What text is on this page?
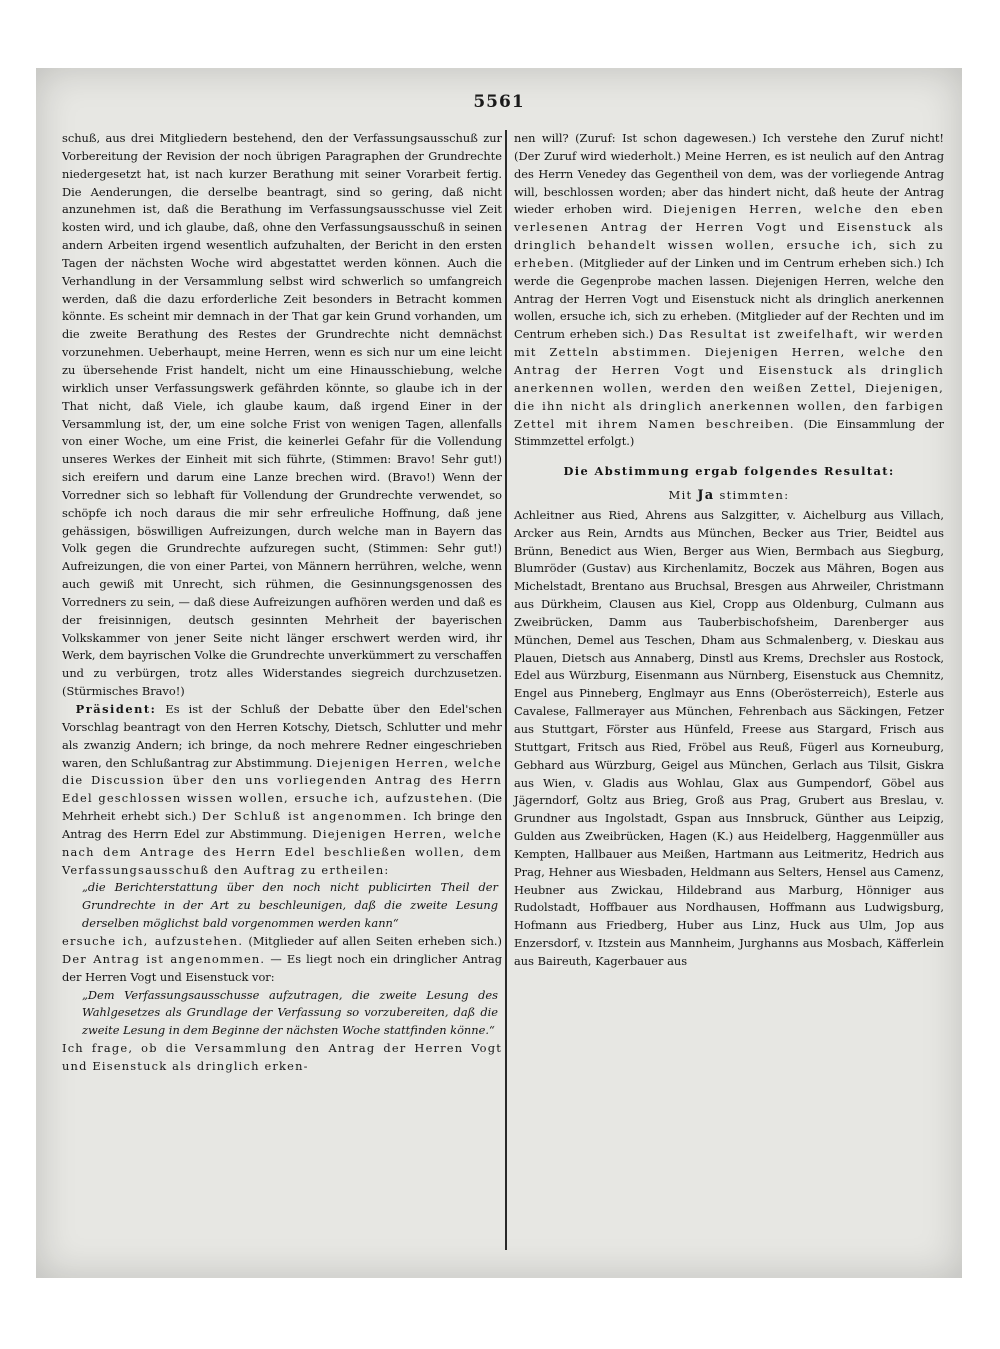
5561

schuß, aus drei Mitgliedern bestehend, den der Verfassungsausschuß zur Vorbereitung der Revision der noch übrigen Paragraphen der Grundrechte niedergesetzt hat, ist nach kurzer Berathung mit seiner Vorarbeit fertig. Die Aenderungen, die derselbe beantragt, sind so gering, daß nicht anzunehmen ist, daß die Berathung im Verfassungsausschusse viel Zeit kosten wird, und ich glaube, daß, ohne den Verfassungsausschuß in seinen andern Arbeiten irgend wesentlich aufzuhalten, der Bericht in den ersten Tagen der nächsten Woche wird abgestattet werden können. Auch die Verhandlung in der Versammlung selbst wird schwerlich so umfangreich werden, daß die dazu erforderliche Zeit besonders in Betracht kommen könnte. Es scheint mir demnach in der That gar kein Grund vorhanden, um die zweite Berathung des Restes der Grundrechte nicht demnächst vorzunehmen. Ueberhaupt, meine Herren, wenn es sich nur um eine leicht zu übersehende Frist handelt, nicht um eine Hinausschiebung, welche wirklich unser Verfassungswerk gefährden könnte, so glaube ich in der That nicht, daß Viele, ich glaube kaum, daß irgend Einer in der Versammlung ist, der, um eine solche Frist von wenigen Tagen, allenfalls von einer Woche, um eine Frist, die keinerlei Gefahr für die Vollendung unseres Werkes der Einheit mit sich führte, (Stimmen: Bravo! Sehr gut!) sich ereifern und darum eine Lanze brechen wird. (Bravo!) Wenn der Vorredner sich so lebhaft für Vollendung der Grundrechte verwendet, so schöpfe ich noch daraus die mir sehr erfreuliche Hoffnung, daß jene gehässigen, böswilligen Aufreizungen, durch welche man in Bayern das Volk gegen die Grundrechte aufzuregen sucht, (Stimmen: Sehr gut!) Aufreizungen, die von einer Partei, von Männern herrühren, welche, wenn auch gewiß mit Unrecht, sich rühmen, die Gesinnungsgenossen des Vorredners zu sein, — daß diese Aufreizungen aufhören werden und daß es der freisinnigen, deutsch gesinnten Mehrheit der bayerischen Volkskammer von jener Seite nicht länger erschwert werden wird, ihr Werk, dem bayrischen Volke die Grundrechte unverkümmert zu verschaffen und zu verbürgen, trotz alles Widerstandes siegreich durchzusetzen. (Stürmisches Bravo!)

Präsident: Es ist der Schluß der Debatte über den Edel'schen Vorschlag beantragt von den Herren Kotschy, Dietsch, Schlutter und mehr als zwanzig Andern; ich bringe, da noch mehrere Redner eingeschrieben waren, den Schlußantrag zur Abstimmung. Diejenigen Herren, welche die Discussion über den uns vorliegenden Antrag des Herrn Edel geschlossen wissen wollen, ersuche ich, aufzustehen. (Die Mehrheit erhebt sich.) Der Schluß ist angenommen. Ich bringe den Antrag des Herrn Edel zur Abstimmung. Diejenigen Herren, welche nach dem Antrage des Herrn Edel beschließen wollen, dem Verfassungsausschuß den Auftrag zu ertheilen:

„die Berichterstattung über den noch nicht publicirten Theil der Grundrechte in der Art zu beschleunigen, daß die zweite Lesung derselben möglichst bald vorgenommen werden kann“

ersuche ich, aufzustehen. (Mitglieder auf allen Seiten erheben sich.) Der Antrag ist angenommen. — Es liegt noch ein dringlicher Antrag der Herren Vogt und Eisenstuck vor:

„Dem Verfassungsausschusse aufzutragen, die zweite Lesung des Wahlgesetzes als Grundlage der Verfassung so vorzubereiten, daß die zweite Lesung in dem Beginne der nächsten Woche stattfinden könne.“

Ich frage, ob die Versammlung den Antrag der Herren Vogt und Eisenstuck als dringlich erken-

nen will? (Zuruf: Ist schon dagewesen.) Ich verstehe den Zuruf nicht! (Der Zuruf wird wiederholt.) Meine Herren, es ist neulich auf den Antrag des Herrn Venedey das Gegentheil von dem, was der vorliegende Antrag will, beschlossen worden; aber das hindert nicht, daß heute der Antrag wieder erhoben wird. Diejenigen Herren, welche den eben verlesenen Antrag der Herren Vogt und Eisenstuck als dringlich behandelt wissen wollen, ersuche ich, sich zu erheben. (Mitglieder auf der Linken und im Centrum erheben sich.) Ich werde die Gegenprobe machen lassen. Diejenigen Herren, welche den Antrag der Herren Vogt und Eisenstuck nicht als dringlich anerkennen wollen, ersuche ich, sich zu erheben. (Mitglieder auf der Rechten und im Centrum erheben sich.) Das Resultat ist zweifelhaft, wir werden mit Zetteln abstimmen. Diejenigen Herren, welche den Antrag der Herren Vogt und Eisenstuck als dringlich anerkennen wollen, werden den weißen Zettel, Diejenigen, die ihn nicht als dringlich anerkennen wollen, den farbigen Zettel mit ihrem Namen beschreiben. (Die Einsammlung der Stimmzettel erfolgt.)

Die Abstimmung ergab folgendes Resultat:

Mit Ja stimmten:

Achleitner aus Ried, Ahrens aus Salzgitter, v. Aichelburg aus Villach, Arcker aus Rein, Arndts aus München, Becker aus Trier, Beidtel aus Brünn, Benedict aus Wien, Berger aus Wien, Bermbach aus Siegburg, Blumröder (Gustav) aus Kirchenlamitz, Boczek aus Mähren, Bogen aus Michelstadt, Brentano aus Bruchsal, Bresgen aus Ahrweiler, Christmann aus Dürkheim, Clausen aus Kiel, Cropp aus Oldenburg, Culmann aus Zweibrücken, Damm aus Tauberbischofsheim, Darenberger aus München, Demel aus Teschen, Dham aus Schmalenberg, v. Dieskau aus Plauen, Dietsch aus Annaberg, Dinstl aus Krems, Drechsler aus Rostock, Edel aus Würzburg, Eisenmann aus Nürnberg, Eisenstuck aus Chemnitz, Engel aus Pinneberg, Englmayr aus Enns (Oberösterreich), Esterle aus Cavalese, Fallmerayer aus München, Fehrenbach aus Säckingen, Fetzer aus Stuttgart, Förster aus Hünfeld, Freese aus Stargard, Frisch aus Stuttgart, Fritsch aus Ried, Fröbel aus Reuß, Fügerl aus Korneuburg, Gebhard aus Würzburg, Geigel aus München, Gerlach aus Tilsit, Giskra aus Wien, v. Gladis aus Wohlau, Glax aus Gumpendorf, Göbel aus Jägerndorf, Goltz aus Brieg, Groß aus Prag, Grubert aus Breslau, v. Grundner aus Ingolstadt, Gspan aus Innsbruck, Günther aus Leipzig, Gulden aus Zweibrücken, Hagen (K.) aus Heidelberg, Haggenmüller aus Kempten, Hallbauer aus Meißen, Hartmann aus Leitmeritz, Hedrich aus Prag, Hehner aus Wiesbaden, Heldmann aus Selters, Hensel aus Camenz, Heubner aus Zwickau, Hildebrand aus Marburg, Hönniger aus Rudolstadt, Hoffbauer aus Nordhausen, Hoffmann aus Ludwigsburg, Hofmann aus Friedberg, Huber aus Linz, Huck aus Ulm, Jop aus Enzersdorf, v. Itzstein aus Mannheim, Jurghanns aus Mosbach, Käfferlein aus Baireuth, Kagerbauer aus
